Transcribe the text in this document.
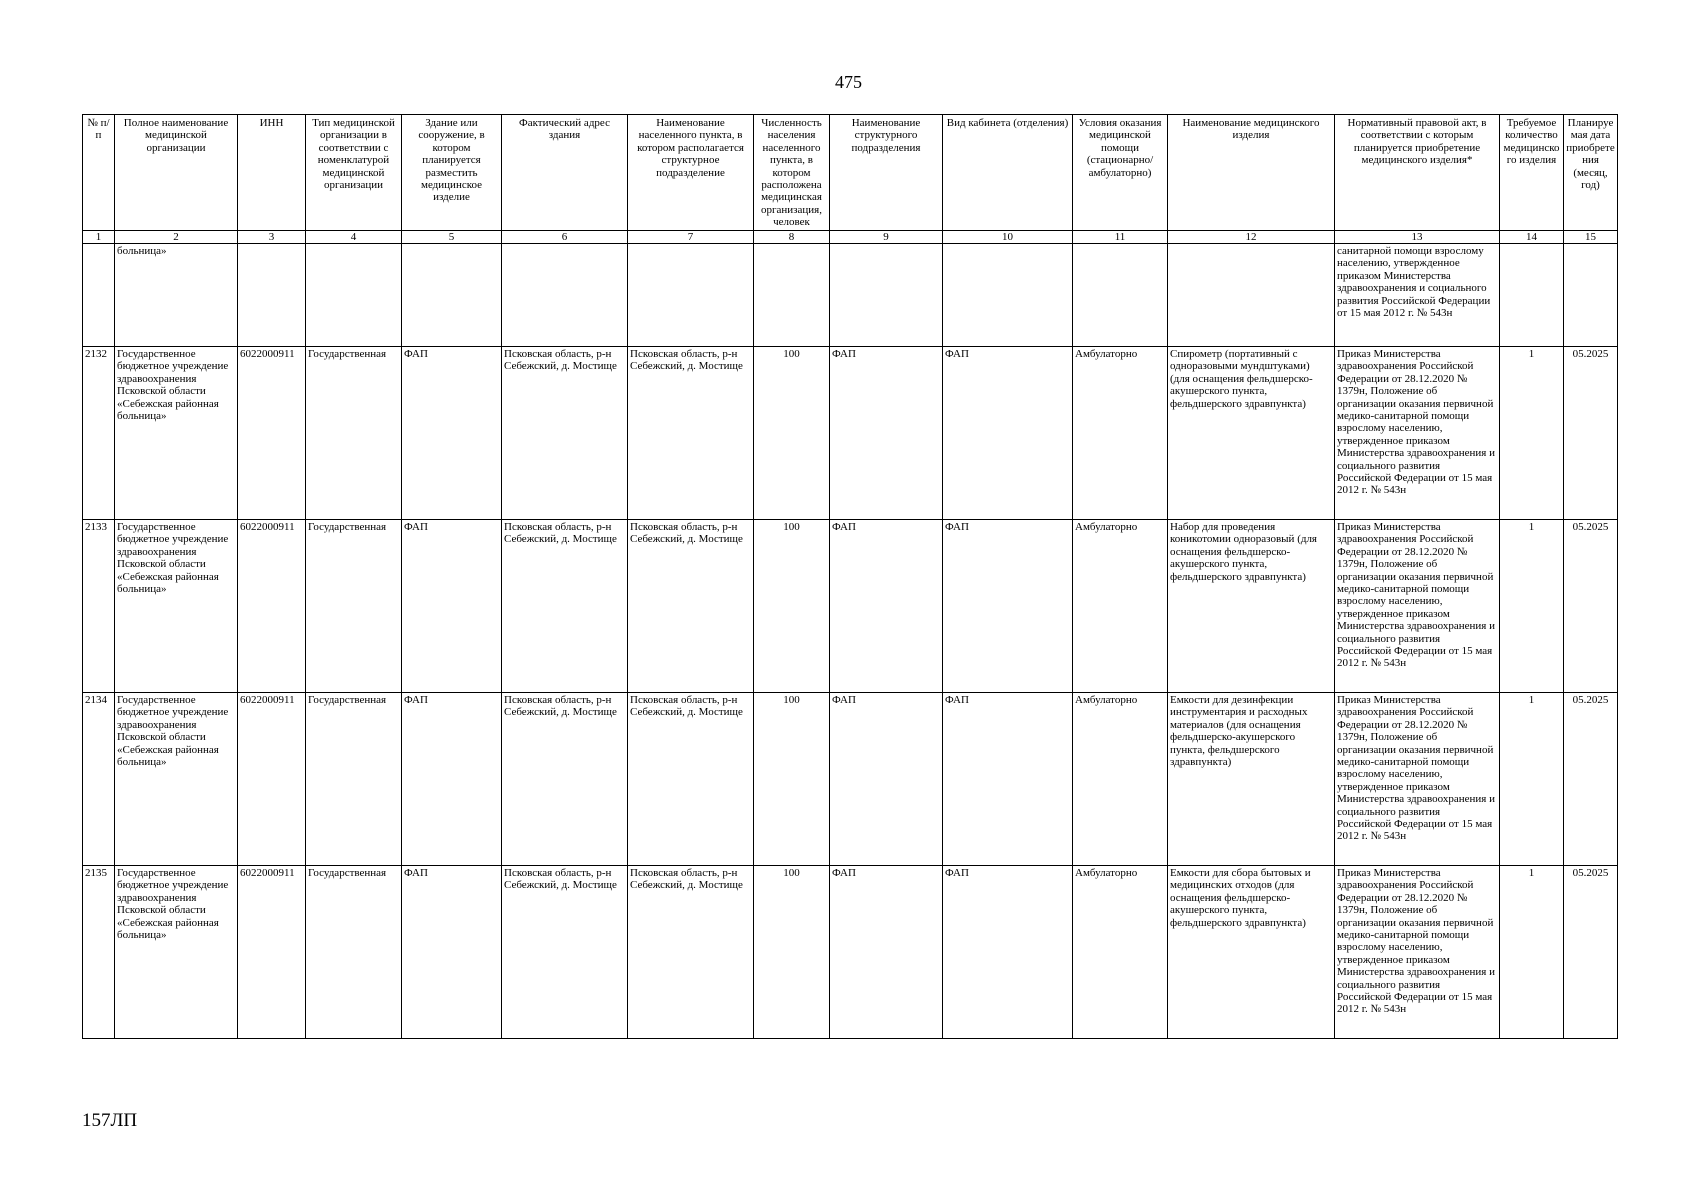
475
№ п/п	Полное наименование медицинской организации	ИНН	Тип медицинской организации в соответствии с номенклатурой медицинской организации	Здание или сооружение, в котором планируется разместить медицинское изделие	Фактический адрес здания	Наименование населенного пункта, в котором располагается структурное подразделение	Численность населения населенного пункта, в котором расположена медицинская организация, человек	Наименование структурного подразделения	Вид кабинета (отделения)	Условия оказания медицинской помощи (стационарно/ амбулаторно)	Наименование медицинского изделия	Нормативный правовой акт, в соответствии с которым планируется приобретение медицинского изделия*	Требуемое количество медицинского изделия	Планируемая дата приобретения (месяц, год)
1	2	3	4	5	6	7	8	9	10	11	12	13	14	15
	больница»											санитарной помощи взрослому населению, утвержденное приказом Министерства здравоохранения и социального развития Российской Федерации от 15 мая 2012 г. № 543н		
2132	Государственное бюджетное учреждение здравоохранения Псковской области «Себежская районная больница»	6022000911	Государственная	ФАП	Псковская область, р-н Себежский, д. Мостище	Псковская область, р-н Себежский, д. Мостище	100	ФАП	ФАП	Амбулаторно	Спирометр (портативный с одноразовыми мундштуками) (для оснащения фельдшерско-акушерского пункта, фельдшерского здравпункта)	Приказ Министерства здравоохранения Российской Федерации от 28.12.2020 № 1379н, Положение об организации оказания первичной медико-санитарной помощи взрослому населению, утвержденное приказом Министерства здравоохранения и социального развития Российской Федерации от 15 мая 2012 г. № 543н	1	05.2025
2133	Государственное бюджетное учреждение здравоохранения Псковской области «Себежская районная больница»	6022000911	Государственная	ФАП	Псковская область, р-н Себежский, д. Мостище	Псковская область, р-н Себежский, д. Мостище	100	ФАП	ФАП	Амбулаторно	Набор для проведения коникотомии одноразовый (для оснащения фельдшерско-акушерского пункта, фельдшерского здравпункта)	Приказ Министерства здравоохранения Российской Федерации от 28.12.2020 № 1379н, Положение об организации оказания первичной медико-санитарной помощи взрослому населению, утвержденное приказом Министерства здравоохранения и социального развития Российской Федерации от 15 мая 2012 г. № 543н	1	05.2025
2134	Государственное бюджетное учреждение здравоохранения Псковской области «Себежская районная больница»	6022000911	Государственная	ФАП	Псковская область, р-н Себежский, д. Мостище	Псковская область, р-н Себежский, д. Мостище	100	ФАП	ФАП	Амбулаторно	Емкости для дезинфекции инструментария и расходных материалов (для оснащения фельдшерско-акушерского пункта, фельдшерского здравпункта)	Приказ Министерства здравоохранения Российской Федерации от 28.12.2020 № 1379н, Положение об организации оказания первичной медико-санитарной помощи взрослому населению, утвержденное приказом Министерства здравоохранения и социального развития Российской Федерации от 15 мая 2012 г. № 543н	1	05.2025
2135	Государственное бюджетное учреждение здравоохранения Псковской области «Себежская районная больница»	6022000911	Государственная	ФАП	Псковская область, р-н Себежский, д. Мостище	Псковская область, р-н Себежский, д. Мостище	100	ФАП	ФАП	Амбулаторно	Емкости для сбора бытовых и медицинских отходов (для оснащения фельдшерско-акушерского пункта, фельдшерского здравпункта)	Приказ Министерства здравоохранения Российской Федерации от 28.12.2020 № 1379н, Положение об организации оказания первичной медико-санитарной помощи взрослому населению, утвержденное приказом Министерства здравоохранения и социального развития Российской Федерации от 15 мая 2012 г. № 543н	1	05.2025
157ЛП
